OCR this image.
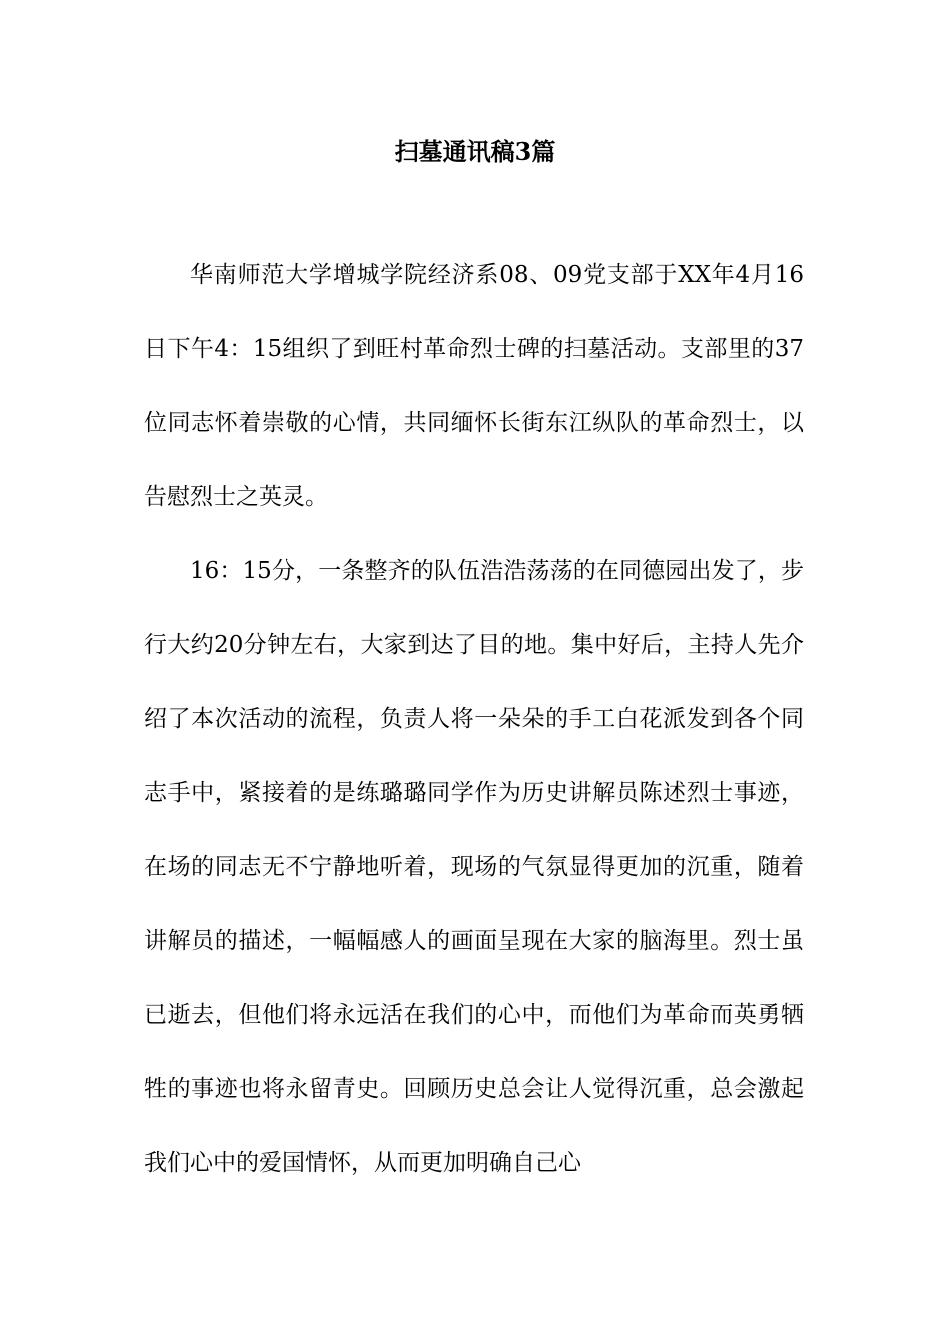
扫墓通讯稿3篇

华南师范大学增城学院经济系08、09党支部于XX年4月16日下午4：15组织了到旺村革命烈士碑的扫墓活动。支部里的37位同志怀着崇敬的心情，共同缅怀长街东江纵队的革命烈士，以告慰烈士之英灵。

16：15分，一条整齐的队伍浩浩荡荡的在同德园出发了，步行大约20分钟左右，大家到达了目的地。集中好后，主持人先介绍了本次活动的流程，负责人将一朵朵的手工白花派发到各个同志手中，紧接着的是练璐璐同学作为历史讲解员陈述烈士事迹，在场的同志无不宁静地听着，现场的气氛显得更加的沉重，随着讲解员的描述，一幅幅感人的画面呈现在大家的脑海里。烈士虽已逝去，但他们将永远活在我们的心中，而他们为革命而英勇牺牲的事迹也将永留青史。回顾历史总会让人觉得沉重，总会激起我们心中的爱国情怀，从而更加明确自己心
